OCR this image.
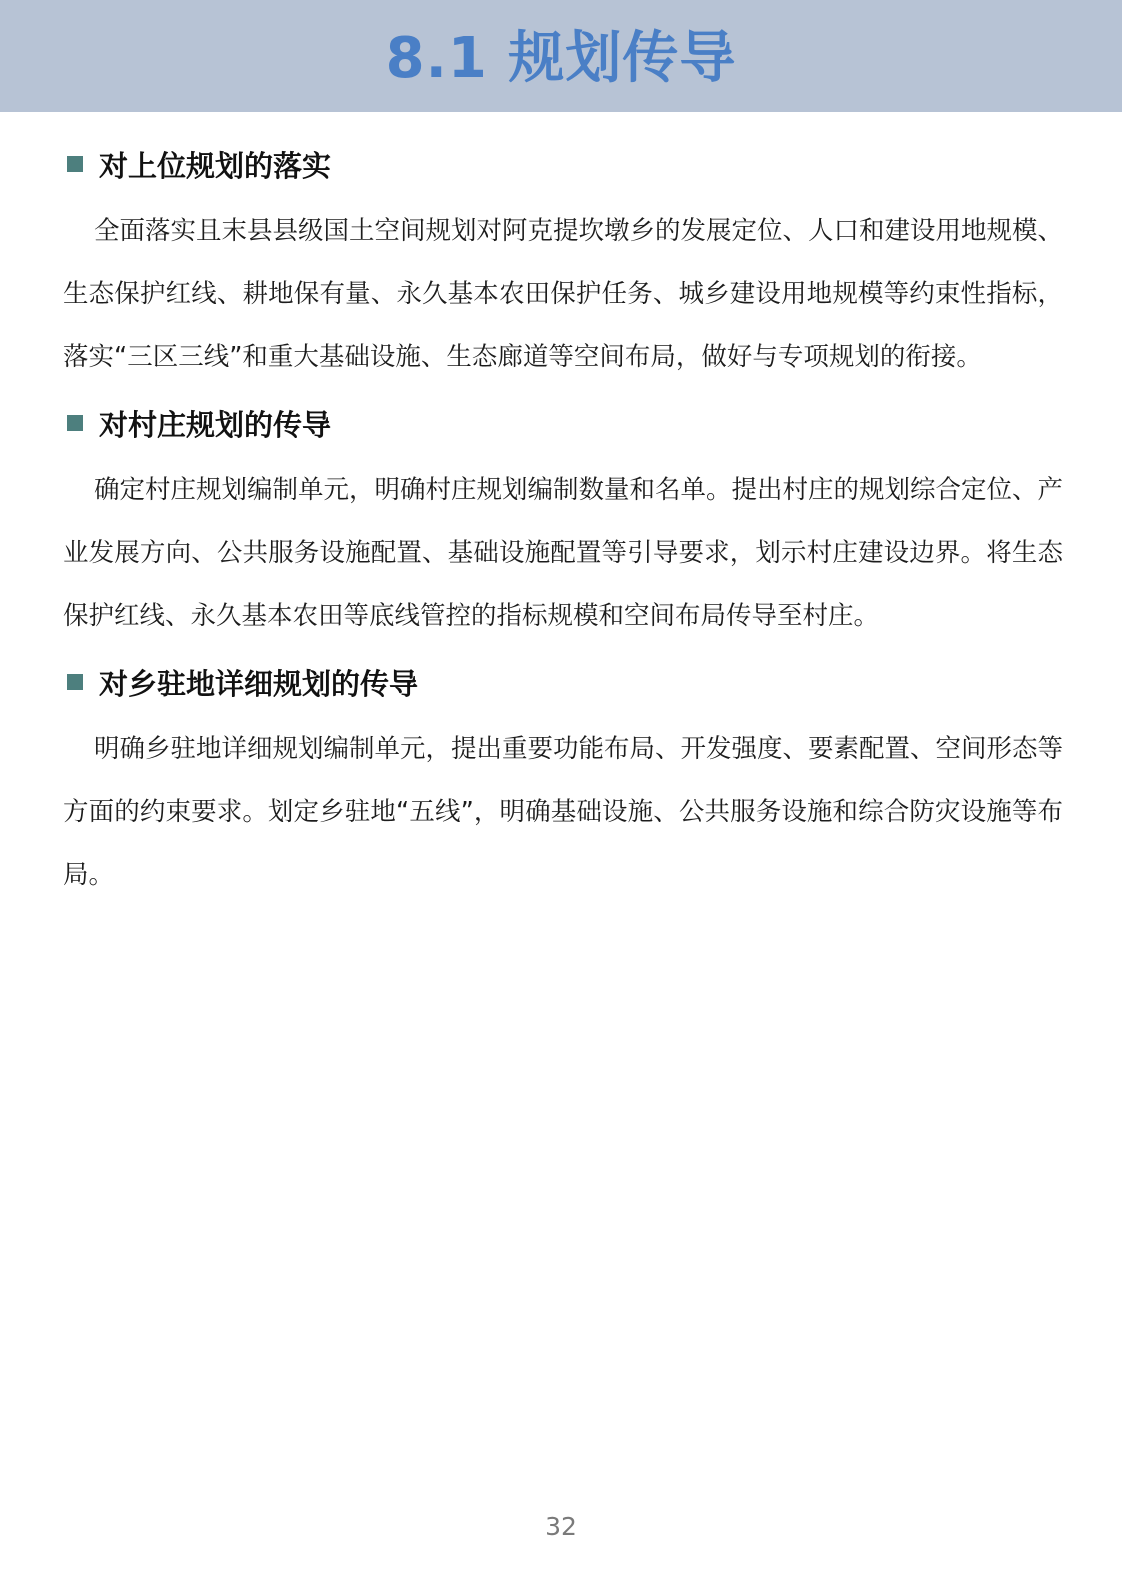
8.1 规划传导
对上位规划的落实

全面落实且末县县级国土空间规划对阿克提坎墩乡的发展定位、人口和建设用地规模、生态保护红线、耕地保有量、永久基本农田保护任务、城乡建设用地规模等约束性指标，落实“三区三线”和重大基础设施、生态廊道等空间布局，做好与专项规划的衔接。

对村庄规划的传导

确定村庄规划编制单元，明确村庄规划编制数量和名单。提出村庄的规划综合定位、产业发展方向、公共服务设施配置、基础设施配置等引导要求，划示村庄建设边界。将生态保护红线、永久基本农田等底线管控的指标规模和空间布局传导至村庄。

对乡驻地详细规划的传导

明确乡驻地详细规划编制单元，提出重要功能布局、开发强度、要素配置、空间形态等方面的约束要求。划定乡驻地“五线”，明确基础设施、公共服务设施和综合防灾设施等布局。

32
